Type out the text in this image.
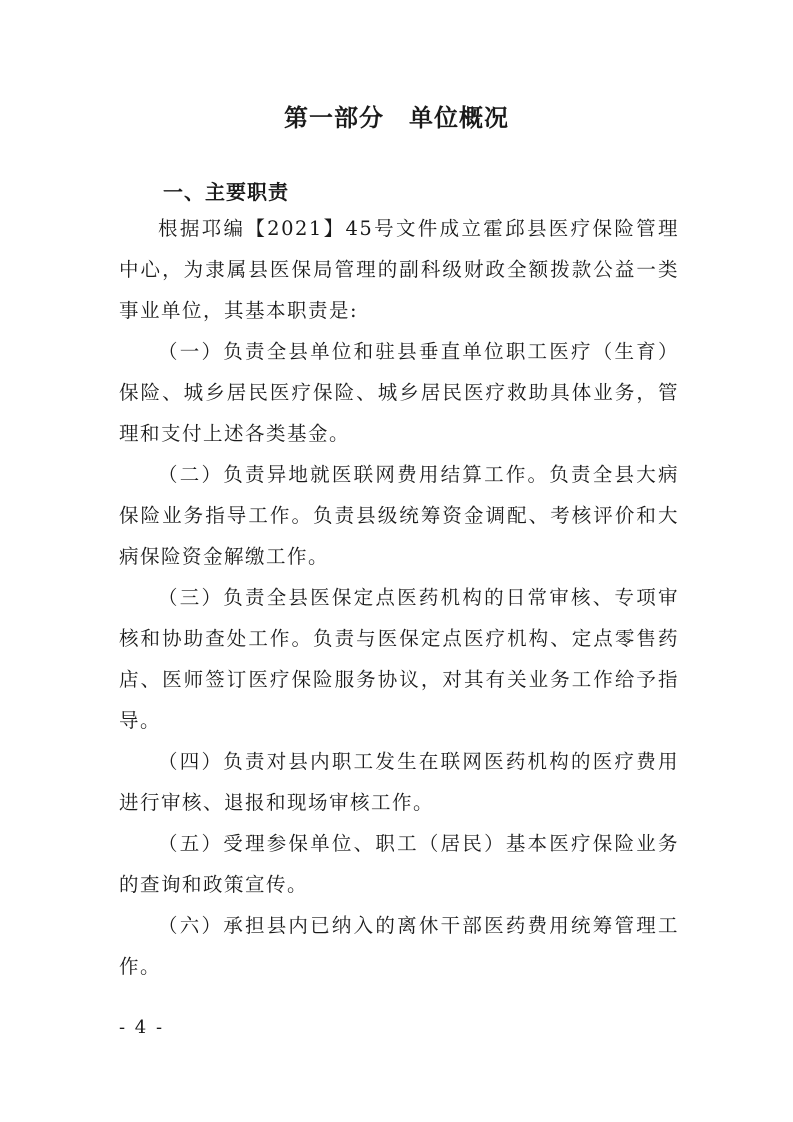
第一部分　单位概况
一、主要职责

根据邛编【2021】45号文件成立霍邱县医疗保险管理中心，为隶属县医保局管理的副科级财政全额拨款公益一类事业单位，其基本职责是:

（一）负责全县单位和驻县垂直单位职工医疗（生育）保险、城乡居民医疗保险、城乡居民医疗救助具体业务，管理和支付上述各类基金。

（二）负责异地就医联网费用结算工作。负责全县大病保险业务指导工作。负责县级统筹资金调配、考核评价和大病保险资金解缴工作。

（三）负责全县医保定点医药机构的日常审核、专项审核和协助查处工作。负责与医保定点医疗机构、定点零售药店、医师签订医疗保险服务协议，对其有关业务工作给予指导。

（四）负责对县内职工发生在联网医药机构的医疗费用进行审核、退报和现场审核工作。

（五）受理参保单位、职工（居民）基本医疗保险业务的查询和政策宣传。

（六）承担县内已纳入的离休干部医药费用统筹管理工作。

- 4 -
